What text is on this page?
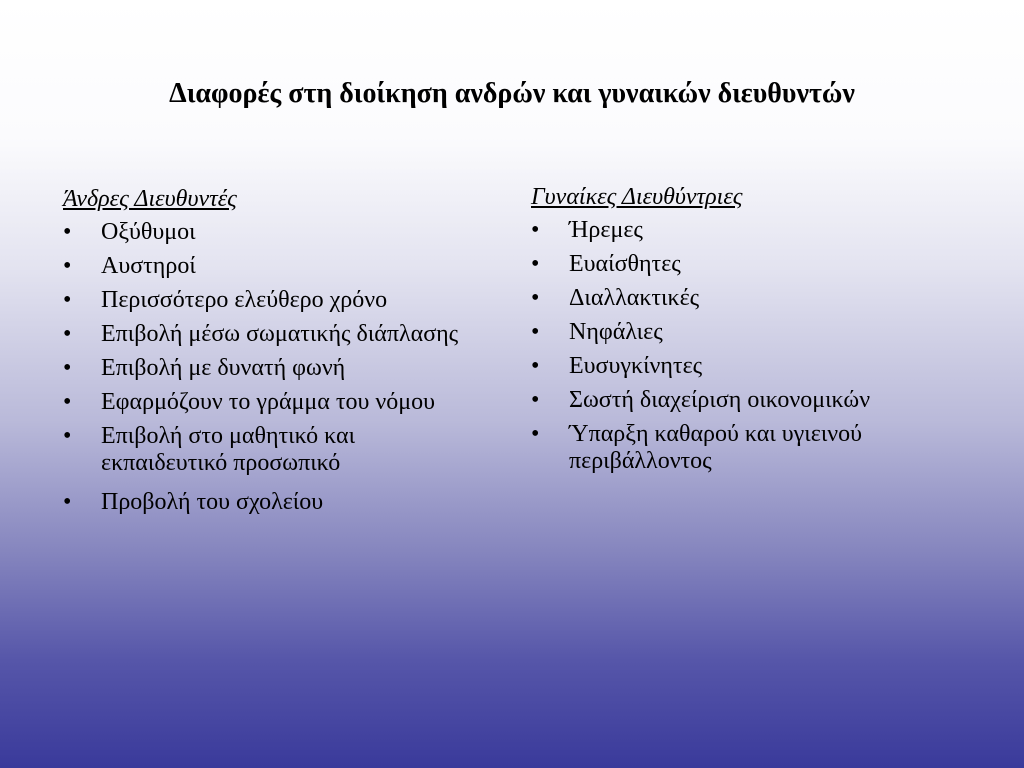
Διαφορές στη διοίκηση ανδρών και γυναικών διευθυντών
Άνδρες Διευθυντές
• Οξύθυμοι
• Αυστηροί
• Περισσότερο ελεύθερο χρόνο
• Επιβολή μέσω σωματικής διάπλασης
• Επιβολή με δυνατή φωνή
• Εφαρμόζουν το γράμμα του νόμου
• Επιβολή στο μαθητικό και εκπαιδευτικό προσωπικό
• Προβολή του σχολείου
Γυναίκες Διευθύντριες
• Ήρεμες
• Ευαίσθητες
• Διαλλακτικές
• Νηφάλιες
• Ευσυγκίνητες
• Σωστή διαχείριση οικονομικών
• Ύπαρξη καθαρού και υγιεινού περιβάλλοντος
